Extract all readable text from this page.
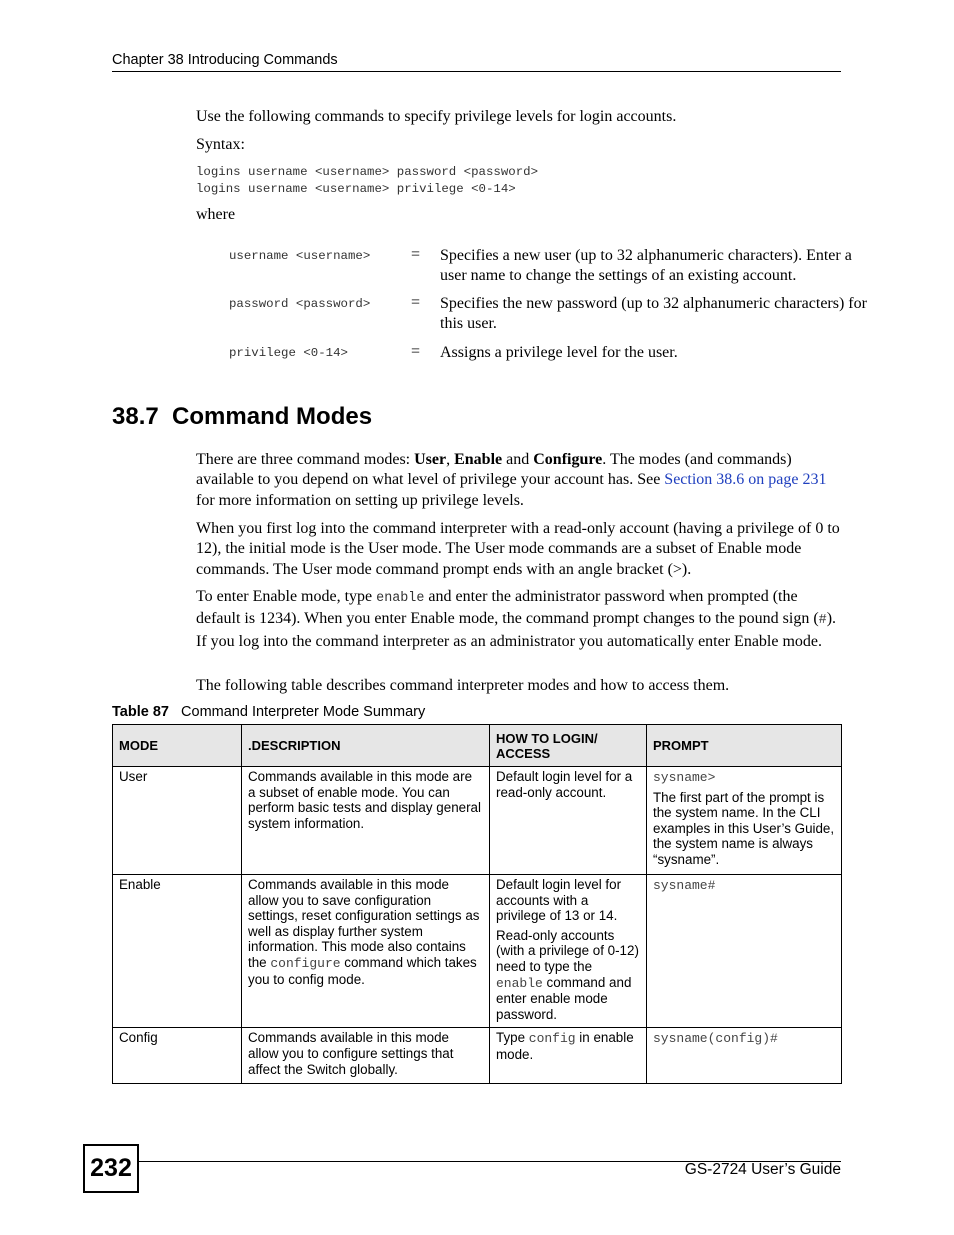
Chapter 38 Introducing Commands
Use the following commands to specify privilege levels for login accounts.
Syntax:
logins username <username> password <password>
logins username <username> privilege <0-14>
where
username <username>	= Specifies a new user (up to 32 alphanumeric characters). Enter a user name to change the settings of an existing account.
password <password>	= Specifies the new password (up to 32 alphanumeric characters) for this user.
privilege <0-14>	= Assigns a privilege level for the user.
38.7  Command Modes
There are three command modes: User, Enable and Configure. The modes (and commands) available to you depend on what level of privilege your account has. See Section 38.6 on page 231 for more information on setting up privilege levels.
When you first log into the command interpreter with a read-only account (having a privilege of 0 to 12), the initial mode is the User mode. The User mode commands are a subset of Enable mode commands. The User mode command prompt ends with an angle bracket (>).
To enter Enable mode, type enable and enter the administrator password when prompted (the default is 1234). When you enter Enable mode, the command prompt changes to the pound sign (#). If you log into the command interpreter as an administrator you automatically enter Enable mode.
The following table describes command interpreter modes and how to access them.
Table 87 Command Interpreter Mode Summary
MODE	.DESCRIPTION	HOW TO LOGIN/ ACCESS	PROMPT
User	Commands available in this mode are a subset of enable mode. You can perform basic tests and display general system information.	Default login level for a read-only account.	sysname>

The first part of the prompt is the system name. In the CLI examples in this User’s Guide, the system name is always “sysname”.

Enable	Commands available in this mode allow you to save configuration settings, reset configuration settings as well as display further system information. This mode also contains the configure command which takes you to config mode.	Default login level for accounts with a privilege of 13 or 14.

Read-only accounts (with a privilege of 0-12) need to type the enable command and enter enable mode password.	sysname#
Config	Commands available in this mode allow you to configure settings that affect the Switch globally.	Type config in enable mode.	sysname(config)#
232	GS-2724 User’s Guide
